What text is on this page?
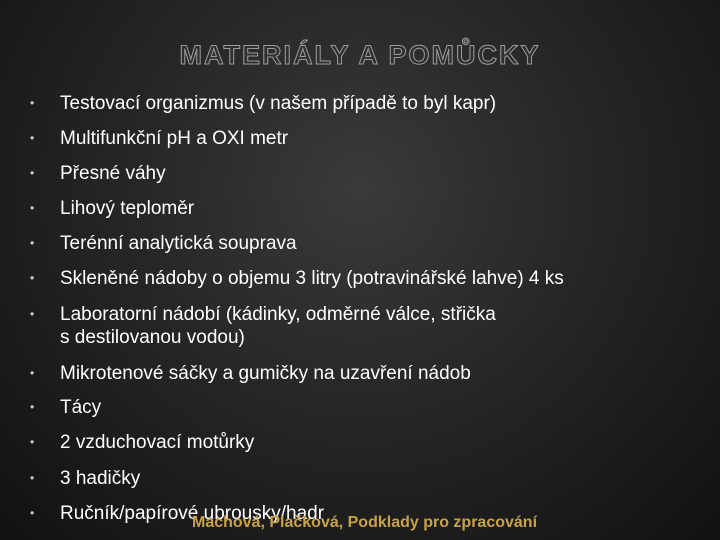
MATERIÁLY A POMŮCKY
•	Testovací organizmus (v našem případě to byl kapr)
•	Multifunkční pH a OXI metr
•	Přesné váhy
•	Lihový teploměr
•	Terénní analytická souprava
•	Skleněné nádoby o objemu 3 litry (potravinářské lahve) 4 ks
•	Laboratorní nádobí (kádinky, odměrné válce, střička
s destilovanou vodou)
•	Mikrotenové sáčky a gumičky na uzavření nádob
•	Tácy
•	2 vzduchovací motůrky
•	3 hadičky
•	Ručník/papírové ubrousky/hadr
Machová, Plačková, Podklady pro zpracování
